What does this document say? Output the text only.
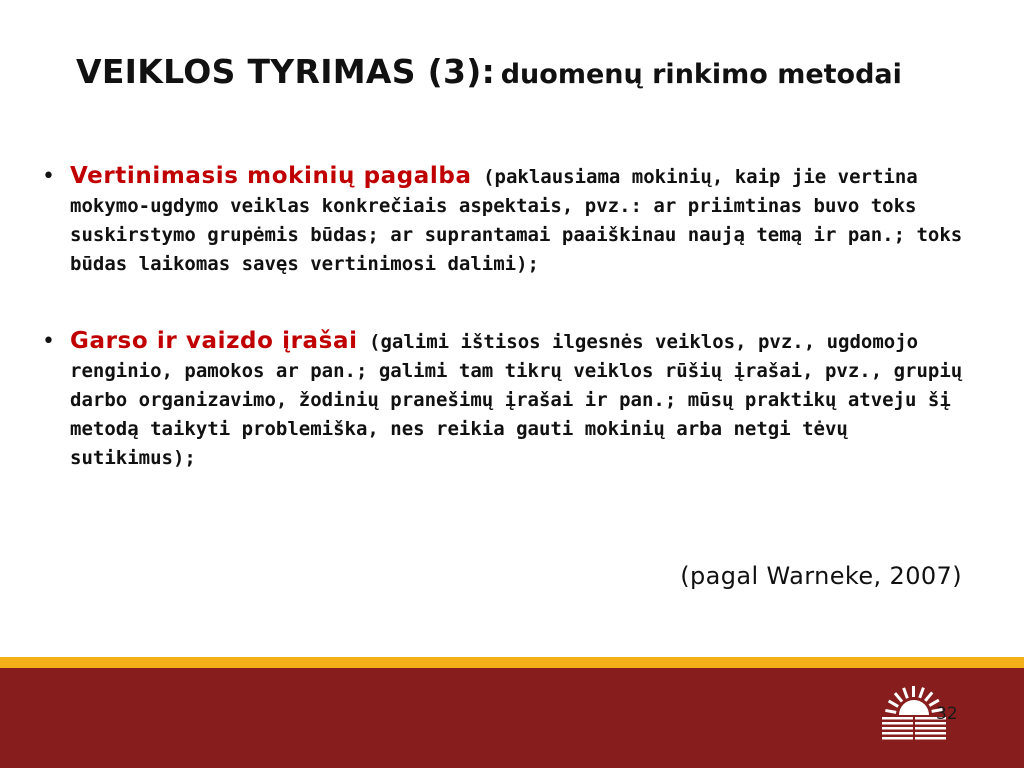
VEIKLOS TYRIMAS (3): duomenų rinkimo metodai
• Vertinimasis mokinių pagalba (paklausiama mokinių, kaip jie vertina mokymo-ugdymo veiklas konkrečiais aspektais, pvz.: ar priimtinas buvo toks suskirstymo grupėmis būdas; ar suprantamai paaiškinau naują temą ir pan.; toks būdas laikomas savęs vertinimosi dalimi);
• Garso ir vaizdo įrašai (galimi ištisos ilgesnės veiklos, pvz., ugdomojo renginio, pamokos ar pan.; galimi tam tikrų veiklos rūšių įrašai, pvz., grupių darbo organizavimo, žodinių pranešimų įrašai ir pan.; mūsų praktikų atveju šį metodą taikyti problemiška, nes reikia gauti mokinių arba netgi tėvų sutikimus);
(pagal Warneke, 2007)
32
